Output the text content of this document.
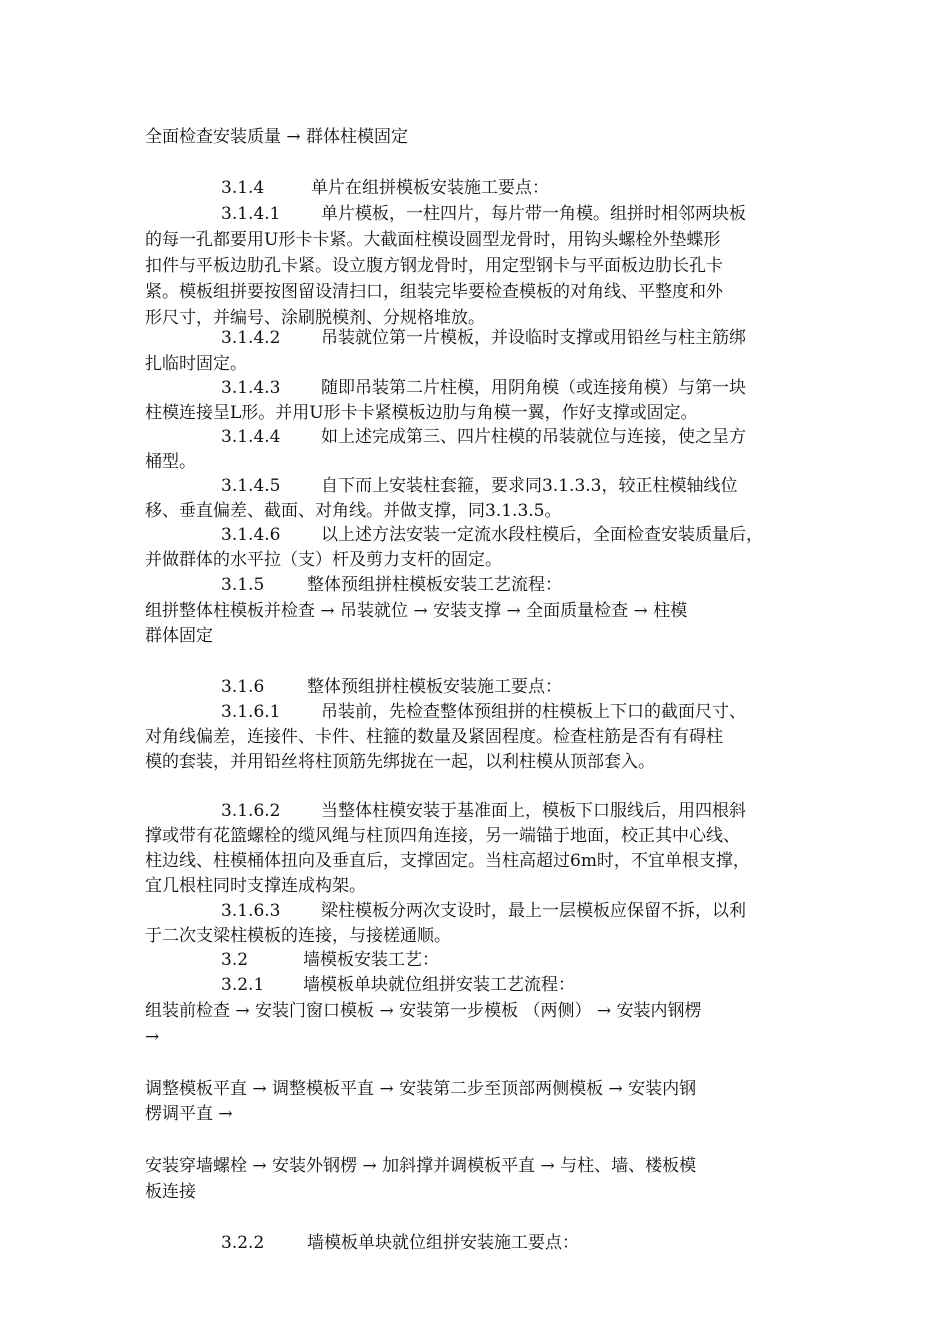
全面检查安装质量 → 群体柱模固定
3.1.4	单片在组拼模板安装施工要点：
3.1.4.1 单片模板，一柱四片，每片带一角模。组拼时相邻两块板
的每一孔都要用U形卡卡紧。大截面柱模设圆型龙骨时，用钩头螺栓外垫蝶形
扣件与平板边肋孔卡紧。设立腹方钢龙骨时，用定型钢卡与平面板边肋长孔卡
紧。模板组拼要按图留设清扫口，组装完毕要检查模板的对角线、平整度和外
形尺寸，并编号、涂刷脱模剂、分规格堆放。
3.1.4.2 吊装就位第一片模板，并设临时支撑或用铅丝与柱主筋绑
扎临时固定。
3.1.4.3 随即吊装第二片柱模，用阴角模（或连接角模）与第一块
柱模连接呈L形。并用U形卡卡紧模板边肋与角模一翼，作好支撑或固定。
3.1.4.4 如上述完成第三、四片柱模的吊装就位与连接，使之呈方
桶型。
3.1.4.5 自下而上安装柱套箍，要求同3.1.3.3，较正柱模轴线位
移、垂直偏差、截面、对角线。并做支撑，同3.1.3.5。
3.1.4.6 以上述方法安装一定流水段柱模后，全面检查安装质量后，
并做群体的水平拉（支）杆及剪力支杆的固定。
3.1.5	整体预组拼柱模板安装工艺流程：
组拼整体柱模板并检查 → 吊装就位 → 安装支撑 → 全面质量检查 → 柱模
群体固定
3.1.6	整体预组拼柱模板安装施工要点：
3.1.6.1 吊装前，先检查整体预组拼的柱模板上下口的截面尺寸、
对角线偏差，连接件、卡件、柱箍的数量及紧固程度。检查柱筋是否有有碍柱
模的套装，并用铅丝将柱顶筋先绑拢在一起，以利柱模从顶部套入。
3.1.6.2 当整体柱模安装于基准面上，模板下口服线后，用四根斜
撑或带有花篮螺栓的缆风绳与柱顶四角连接，另一端锚于地面，校正其中心线、
柱边线、柱模桶体扭向及垂直后，支撑固定。当柱高超过6m时，不宜单根支撑，
宜几根柱同时支撑连成构架。
3.1.6.3 梁柱模板分两次支设时，最上一层模板应保留不拆，以利
于二次支梁柱模板的连接，与接槎通顺。
3.2	墙模板安装工艺：
3.2.1 墙模板单块就位组拼安装工艺流程：
组装前检查 → 安装门窗口模板 → 安装第一步模板 （两侧） → 安装内钢楞
→
调整模板平直 → 调整模板平直 → 安装第二步至顶部两侧模板 → 安装内钢
楞调平直 →
安装穿墙螺栓 → 安装外钢楞 → 加斜撑并调模板平直 → 与柱、墙、楼板模
板连接
3.2.2	墙模板单块就位组拼安装施工要点：
